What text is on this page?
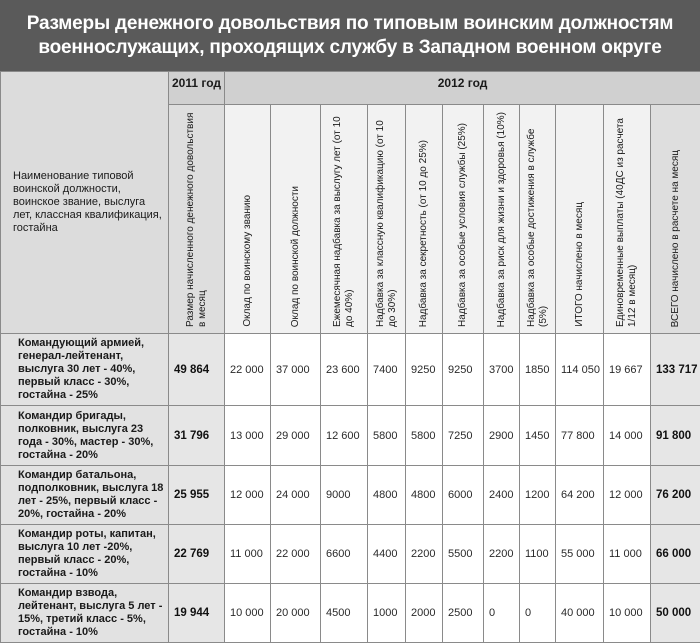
Размеры денежного довольствия по типовым воинским должностям военнослужащих, проходящих службу в Западном военном округе
Наименование типовой воинской должности, воинское звание, выслуга лет, классная квалификация, гостайна	2011 год	2012 год										

	Размер начисленного денежного довольствия в месяц	Оклад по воинскому званию	Оклад по воинской должности	Ежемесячная надбавка за выслугу лет (от 10 до 40%)	Надбавка за классную квалификацию (от 10 до 30%)	Надбавка за секретность (от 10 до 25%)	Надбавка за особые условия службы (25%)	Надбавка за риск для жизни и здоровья (10%)	Надбавка за особые достижения в службе (5%)	ИТОГО начислено в месяц	Единовременные выплаты (40ДС из расчета 1/12 в месяц)	ВСЕГО начислено в расчете на месяц

Командующий армией, генерал-лейтенант, выслуга 30 лет - 40%, первый класс - 30%, гостайна - 25%	49 864	22 000	37 000	23 600	7400	9250	9250	3700	1850	114 050	19 667	133 717
Командир бригады, полковник, выслуга 23 года - 30%, мастер - 30%, гостайна - 20%	31 796	13 000	29 000	12 600	5800	5800	7250	2900	1450	77 800	14 000	91 800
Командир батальона, подполковник, выслуга 18 лет - 25%, первый класс - 20%, гостайна - 20%	25 955	12 000	24 000	9000	4800	4800	6000	2400	1200	64 200	12 000	76 200
Командир роты, капитан, выслуга 10 лет -20%, первый класс - 20%, гостайна - 10%	22 769	11 000	22 000	6600	4400	2200	5500	2200	1100	55 000	11 000	66 000
Командир взвода, лейтенант, выслуга 5 лет - 15%, третий класс - 5%, гостайна - 10%	19 944	10 000	20 000	4500	1000	2000	2500	0	0	40 000	10 000	50 000
